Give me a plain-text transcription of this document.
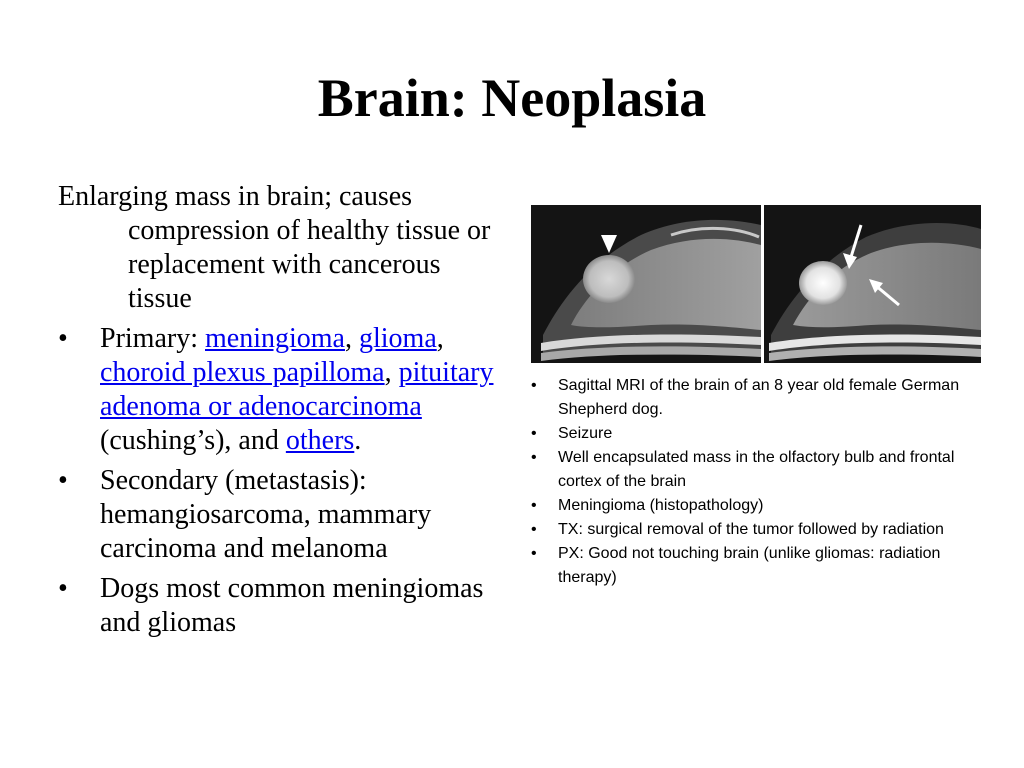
Brain: Neoplasia

Enlarging mass in brain; causes compression of healthy tissue or replacement with cancerous tissue

• Primary: meningioma, glioma, choroid plexus papilloma, pituitary adenoma or adenocarcinoma (cushing’s), and others.
• Secondary (metastasis): hemangiosarcoma, mammary carcinoma and melanoma
• Dogs most common meningiomas and gliomas
• Sagittal MRI of the brain of an 8 year old female German Shepherd dog.
• Seizure
• Well encapsulated mass in the olfactory bulb and frontal cortex of the brain
• Meningioma (histopathology)
• TX: surgical removal of the tumor followed by radiation
• PX: Good not touching brain (unlike gliomas: radiation therapy)
